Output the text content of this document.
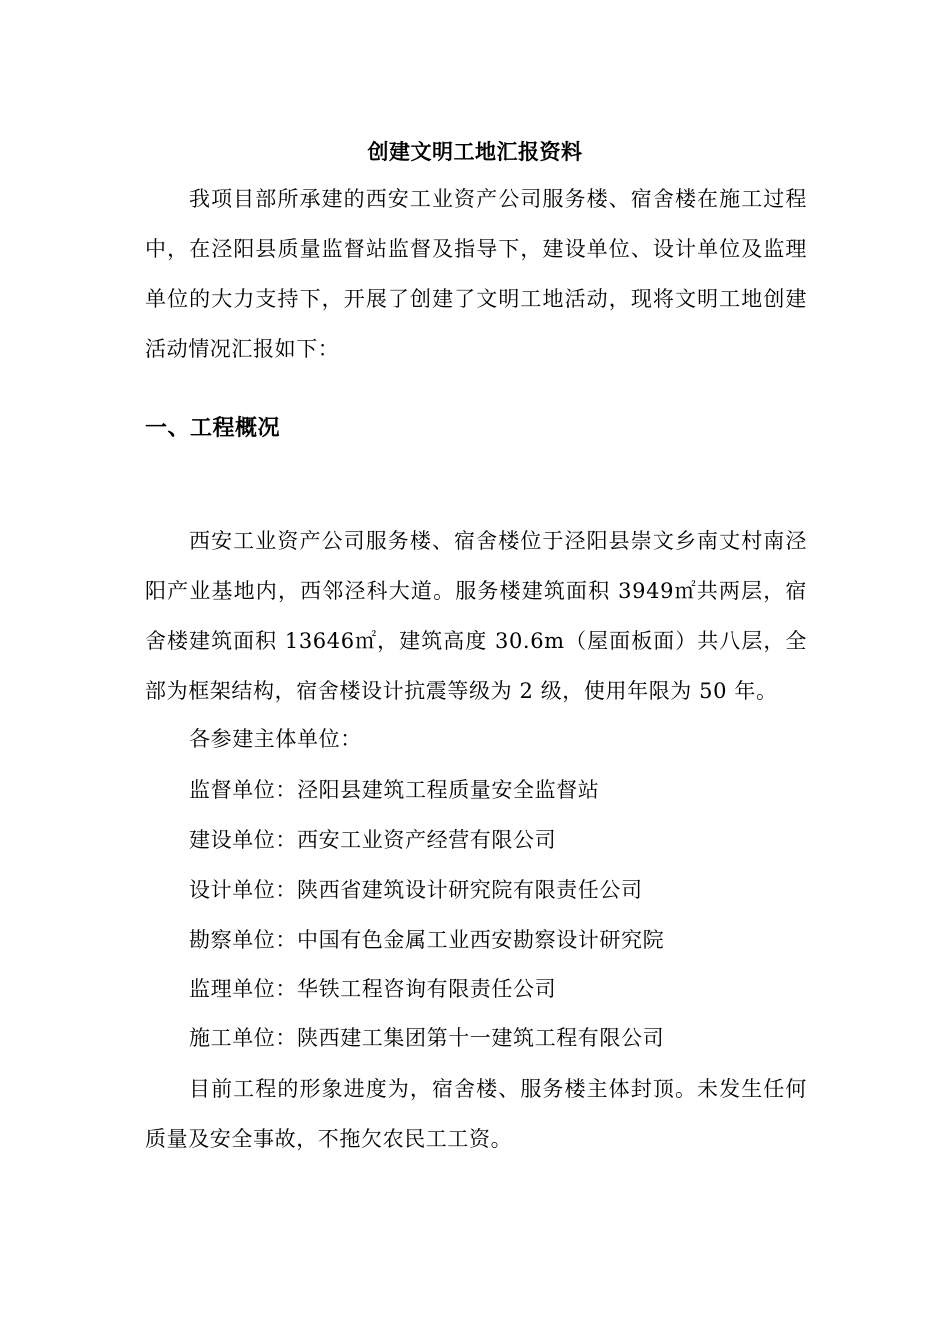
创建文明工地汇报资料
我项目部所承建的西安工业资产公司服务楼、宿舍楼在施工过程中，在泾阳县质量监督站监督及指导下，建设单位、设计单位及监理单位的大力支持下，开展了创建了文明工地活动，现将文明工地创建活动情况汇报如下：
一、工程概况
西安工业资产公司服务楼、宿舍楼位于泾阳县崇文乡南丈村南泾阳产业基地内，西邻泾科大道。服务楼建筑面积 3949㎡共两层，宿舍楼建筑面积 13646㎡，建筑高度 30.6m（屋面板面）共八层，全部为框架结构，宿舍楼设计抗震等级为 2 级，使用年限为 50 年。
各参建主体单位：
监督单位：泾阳县建筑工程质量安全监督站
建设单位：西安工业资产经营有限公司
设计单位：陕西省建筑设计研究院有限责任公司
勘察单位：中国有色金属工业西安勘察设计研究院
监理单位：华铁工程咨询有限责任公司
施工单位：陕西建工集团第十一建筑工程有限公司
目前工程的形象进度为，宿舍楼、服务楼主体封顶。未发生任何质量及安全事故，不拖欠农民工工资。
